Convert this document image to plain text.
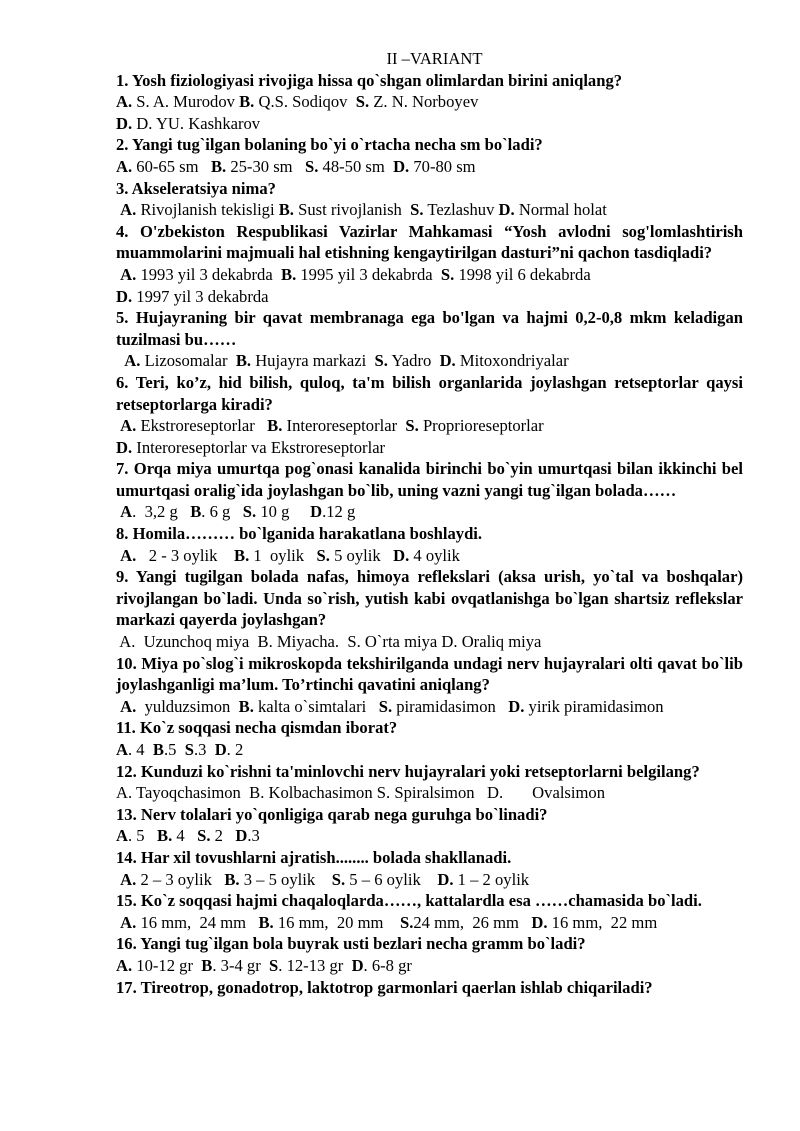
II –VARIANT

1. Yosh fiziologiyasi rivojiga hissa qo`shgan olimlardan birini aniqlang?

A. S. A. Murodov B. Q.S. Sodiqov  S. Z. N. Norboyev

D. D. YU. Kashkarov

2. Yangi tug`ilgan bolaning bo`yi o`rtacha necha sm bo`ladi?

A. 60-65 sm   B. 25-30 sm   S. 48-50 sm  D. 70-80 sm

3. Akseleratsiya nima?

A. Rivojlanish tekisligi B. Sust rivojlanish  S. Tezlashuv D. Normal holat

4. O'zbekiston Respublikasi Vazirlar Mahkamasi “Yosh avlodni sog'lomlashtirish muammolarini majmuali hal etishning kengaytirilgan dasturi”ni qachon tasdiqladi?

A. 1993 yil 3 dekabrda  B. 1995 yil 3 dekabrda  S. 1998 yil 6 dekabrda

D. 1997 yil 3 dekabrda

5. Hujayraning bir qavat membranaga ega bo'lgan va hajmi 0,2-0,8 mkm keladigan tuzilmasi bu……

A. Lizosomalar  B. Hujayra markazi  S. Yadro  D. Mitoxondriyalar

6. Teri, ko’z, hid bilish, quloq, ta'm bilish organlarida joylashgan retseptorlar qaysi retseptorlarga kiradi?

A. Ekstroreseptorlar   B. Interoreseptorlar  S. Proprioreseptorlar

D. Interoreseptorlar va Ekstroreseptorlar

7. Orqa miya umurtqa pog`onasi kanalida birinchi bo`yin umurtqasi bilan ikkinchi bel umurtqasi oralig`ida joylashgan bo`lib, uning vazni yangi tug`ilgan bolada……

A.  3,2 g   B. 6 g   S. 10 g     D.12 g

8. Homila……… bo`lganida harakatlana boshlaydi.

A.   2 - 3 oylik    B. 1  oylik   S. 5 oylik   D. 4 oylik

9. Yangi tugilgan bolada nafas, himoya reflekslari (aksa urish, yo`tal va boshqalar) rivojlangan bo`ladi. Unda so`rish, yutish kabi ovqatlanishga bo`lgan shartsiz reflekslar markazi qayerda joylashgan?

A.  Uzunchoq miya  B. Miyacha.  S. O`rta miya D. Oraliq miya

10. Miya po`slog`i mikroskopda tekshirilganda undagi nerv hujayralari olti qavat bo`lib joylashganligi ma’lum. To’rtinchi qavatini aniqlang?

A.  yulduzsimon  B. kalta o`simtalari   S. piramidasimon   D. yirik piramidasimon

11. Ko`z soqqasi necha qismdan iborat?

A. 4  B.5  S.3  D. 2

12. Kunduzi ko`rishni ta'minlovchi nerv hujayralari yoki retseptorlarni belgilang?

A. Tayoqchasimon  B. Kolbachasimon S. Spiralsimon   D.       Ovalsimon

13. Nerv tolalari yo`qonligiga qarab nega guruhga bo`linadi?

A. 5   B. 4   S. 2   D.3

14. Har xil tovushlarni ajratish........ bolada shakllanadi.

A. 2 – 3 oylik   B. 3 – 5 oylik    S. 5 – 6 oylik    D. 1 – 2 oylik

15. Ko`z soqqasi hajmi chaqaloqlarda……, kattalardla esa ……chamasida bo`ladi.

A. 16 mm,  24 mm   B. 16 mm,  20 mm    S.24 mm,  26 mm   D. 16 mm,  22 mm

16. Yangi tug`ilgan bola buyrak usti bezlari necha gramm bo`ladi?

A. 10-12 gr  B. 3-4 gr  S. 12-13 gr  D. 6-8 gr

17. Tireotrop, gonadotrop, laktotrop garmonlari qaerlan ishlab chiqariladi?
